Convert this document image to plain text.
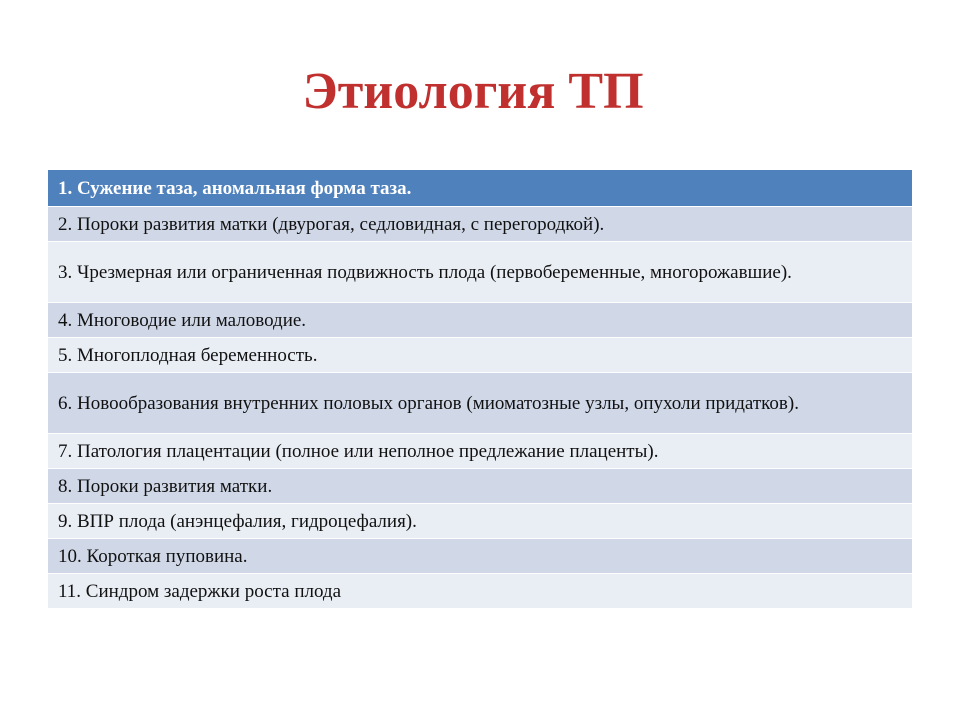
Этиология ТП
1. Сужение таза, аномальная форма таза.
2. Пороки развития матки (двурогая, седловидная, с перегородкой).
3. Чрезмерная или ограниченная подвижность плода (первобеременные, многорожавшие).
4. Многоводие или маловодие.
5. Многоплодная беременность.
6. Новообразования внутренних половых органов (миоматозные узлы, опухоли придатков).
7. Патология плацентации (полное или неполное предлежание плаценты).
8. Пороки развития матки.
9. ВПР плода (анэнцефалия, гидроцефалия).
10. Короткая пуповина.
11. Синдром задержки роста плода
